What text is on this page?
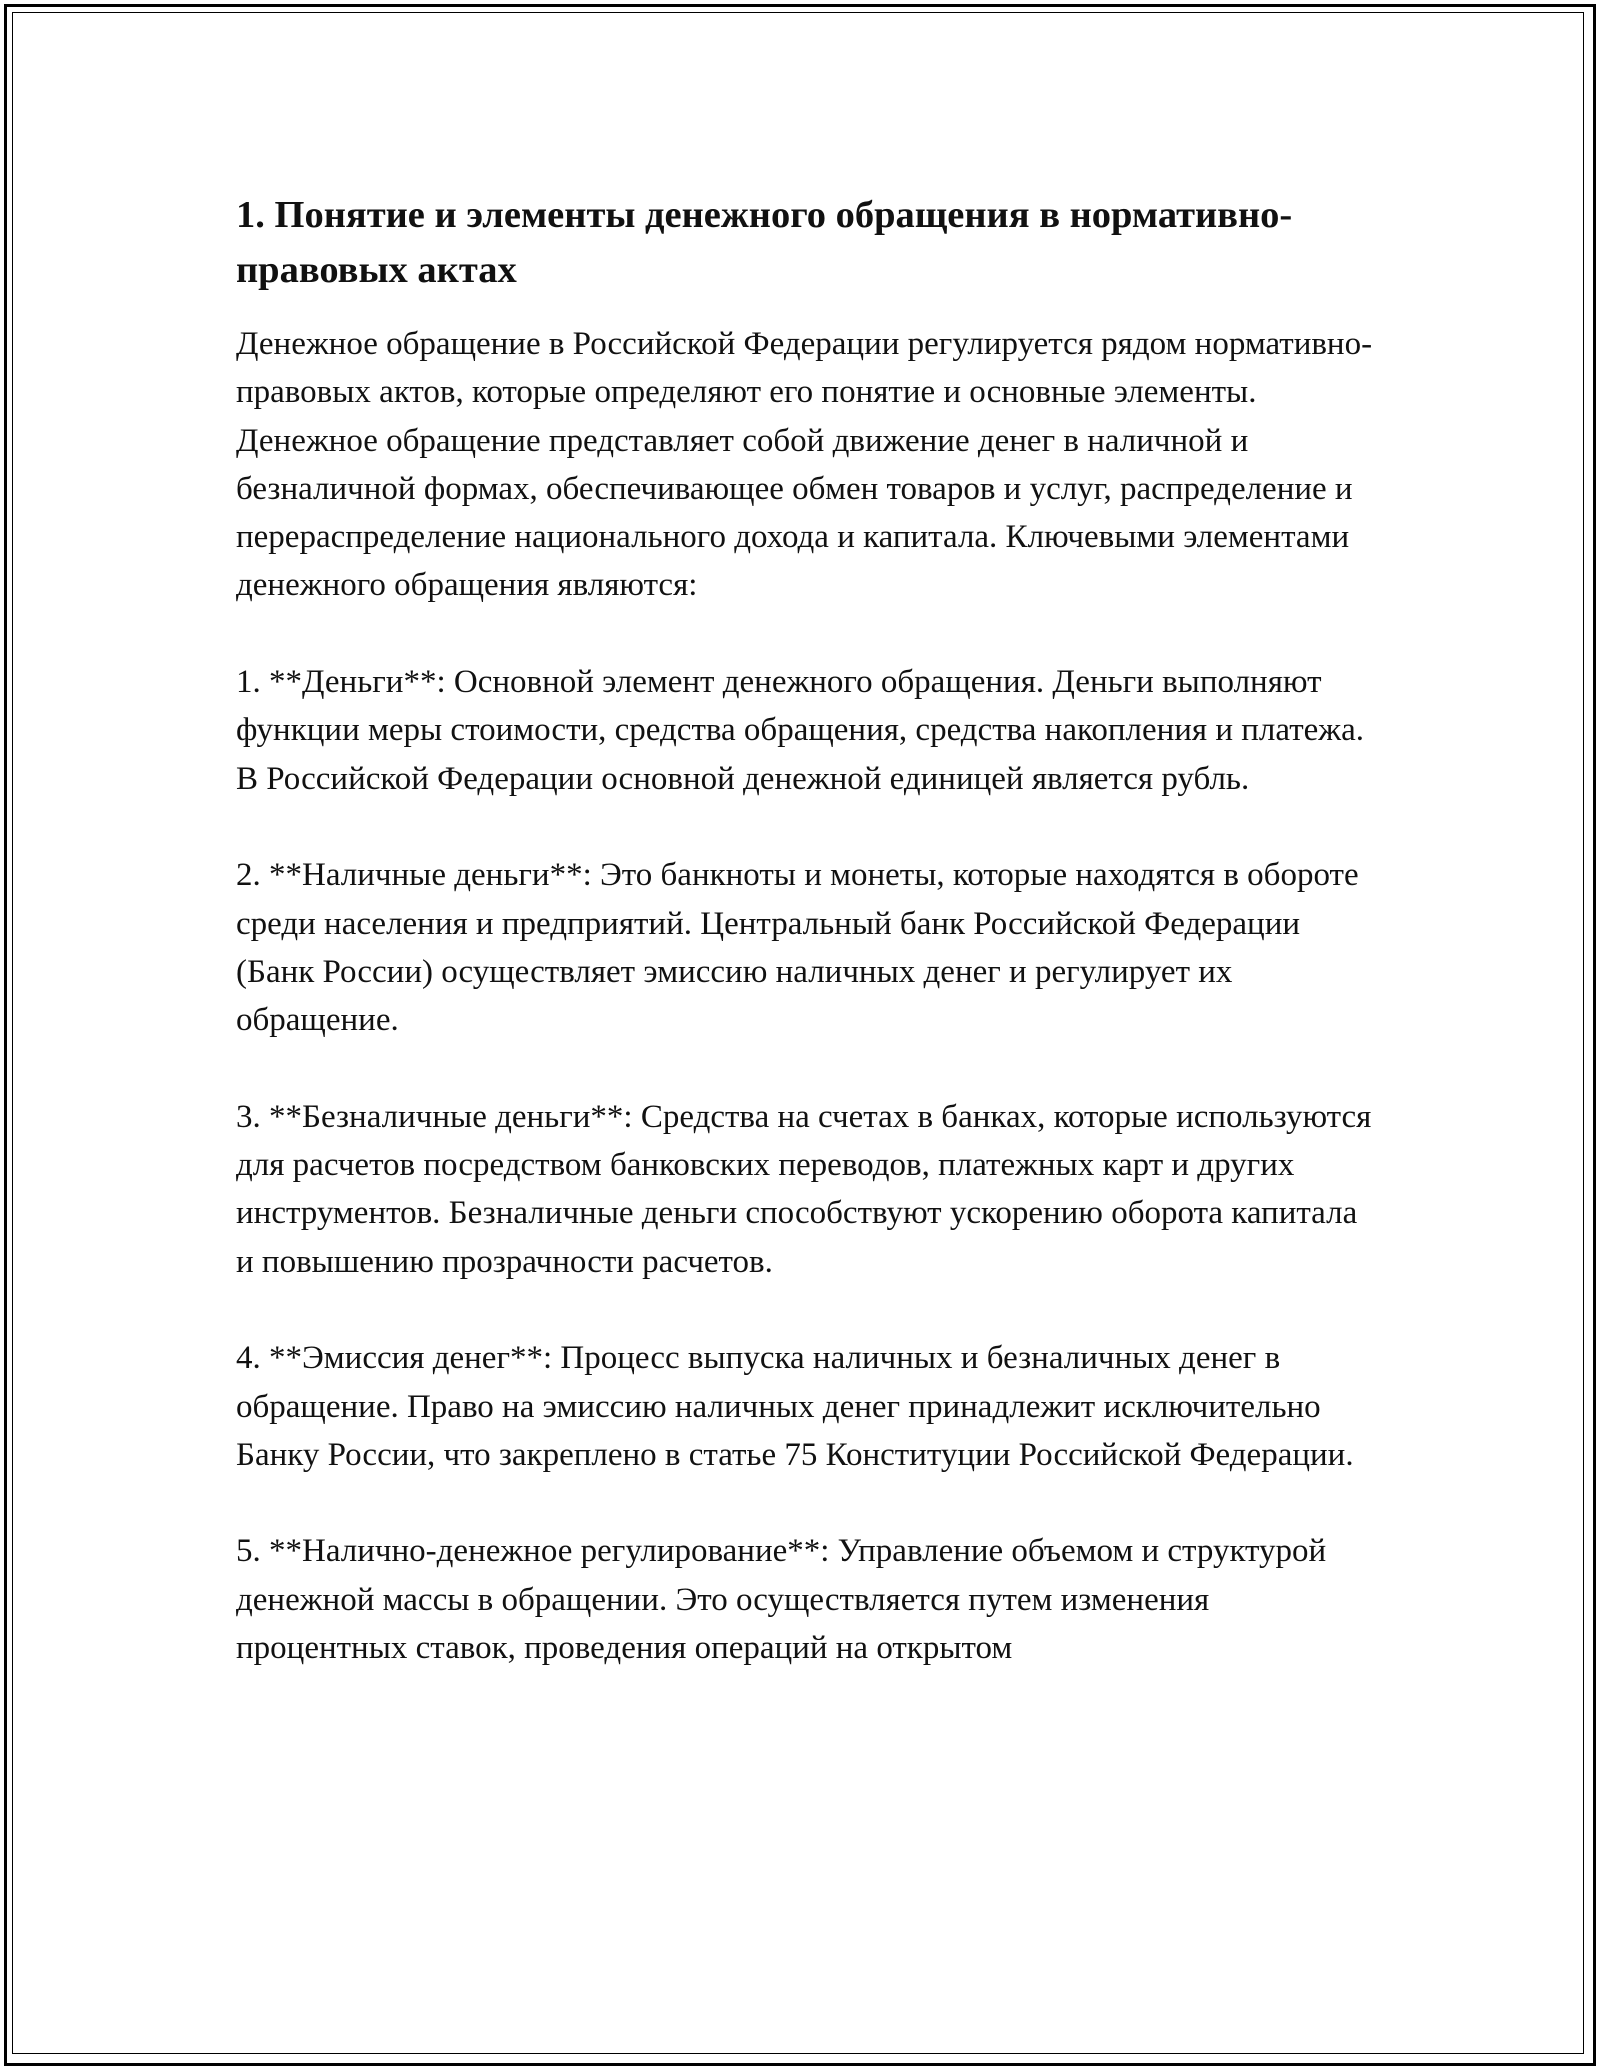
1. Понятие и элементы денежного обращения в нормативно-правовых актах

Денежное обращение в Российской Федерации регулируется рядом нормативно-правовых актов, которые определяют его понятие и основные элементы. Денежное обращение представляет собой движение денег в наличной и безналичной формах, обеспечивающее обмен товаров и услуг, распределение и перераспределение национального дохода и капитала. Ключевыми элементами денежного обращения являются:

1. **Деньги**: Основной элемент денежного обращения. Деньги выполняют функции меры стоимости, средства обращения, средства накопления и платежа. В Российской Федерации основной денежной единицей является рубль.

2. **Наличные деньги**: Это банкноты и монеты, которые находятся в обороте среди населения и предприятий. Центральный банк Российской Федерации (Банк России) осуществляет эмиссию наличных денег и регулирует их обращение.

3. **Безналичные деньги**: Средства на счетах в банках, которые используются для расчетов посредством банковских переводов, платежных карт и других инструментов. Безналичные деньги способствуют ускорению оборота капитала и повышению прозрачности расчетов.

4. **Эмиссия денег**: Процесс выпуска наличных и безналичных денег в обращение. Право на эмиссию наличных денег принадлежит исключительно Банку России, что закреплено в статье 75 Конституции Российской Федерации.

5. **Налично-денежное регулирование**: Управление объемом и структурой денежной массы в обращении. Это осуществляется путем изменения процентных ставок, проведения операций на открытом
